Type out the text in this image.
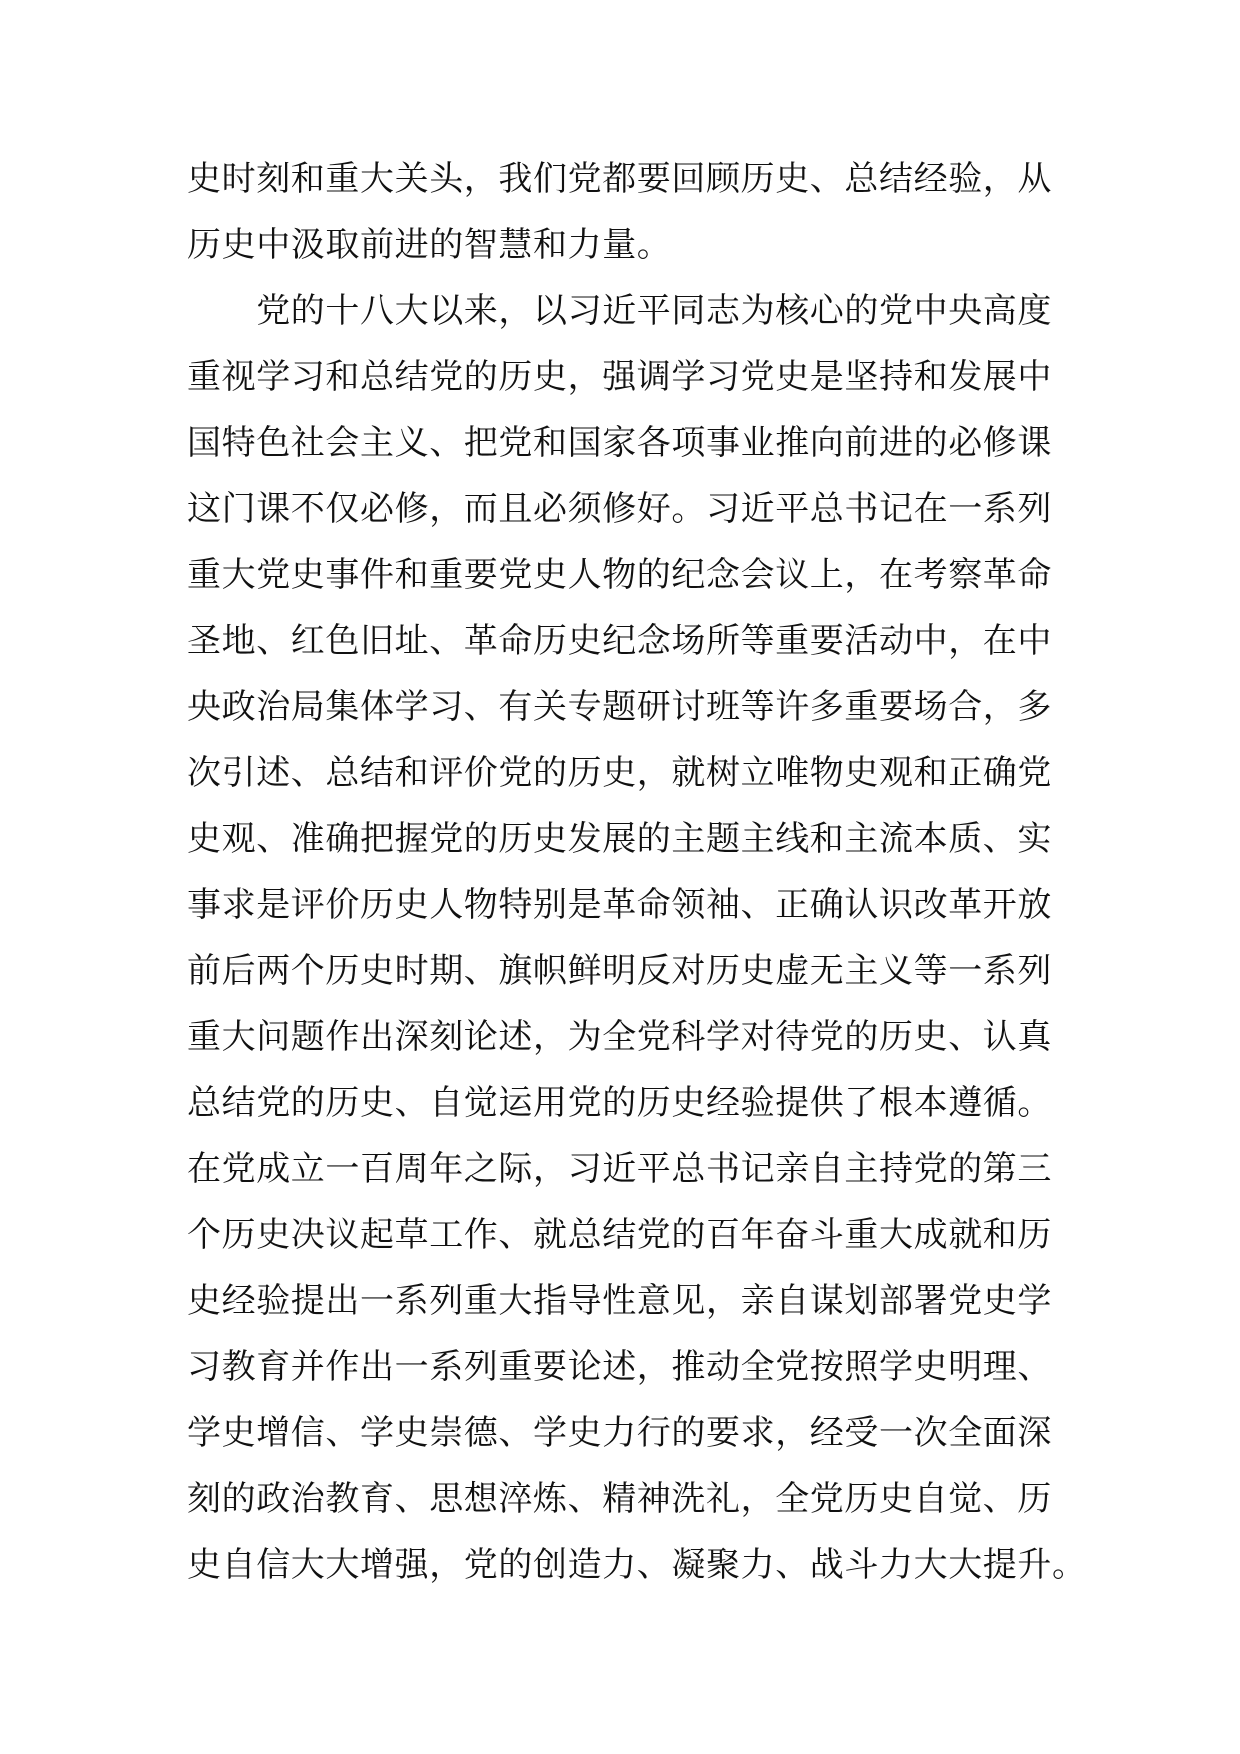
史时刻和重大关头，我们党都要回顾历史、总结经验，从
历史中汲取前进的智慧和力量。
　　党的十八大以来，以习近平同志为核心的党中央高度
重视学习和总结党的历史，强调学习党史是坚持和发展中
国特色社会主义、把党和国家各项事业推向前进的必修课
这门课不仅必修，而且必须修好。习近平总书记在一系列
重大党史事件和重要党史人物的纪念会议上，在考察革命
圣地、红色旧址、革命历史纪念场所等重要活动中，在中
央政治局集体学习、有关专题研讨班等许多重要场合，多
次引述、总结和评价党的历史，就树立唯物史观和正确党
史观、准确把握党的历史发展的主题主线和主流本质、实
事求是评价历史人物特别是革命领袖、正确认识改革开放
前后两个历史时期、旗帜鲜明反对历史虚无主义等一系列
重大问题作出深刻论述，为全党科学对待党的历史、认真
总结党的历史、自觉运用党的历史经验提供了根本遵循。
在党成立一百周年之际，习近平总书记亲自主持党的第三
个历史决议起草工作、就总结党的百年奋斗重大成就和历
史经验提出一系列重大指导性意见，亲自谋划部署党史学
习教育并作出一系列重要论述，推动全党按照学史明理、
学史增信、学史崇德、学史力行的要求，经受一次全面深
刻的政治教育、思想淬炼、精神洗礼，全党历史自觉、历
史自信大大增强，党的创造力、凝聚力、战斗力大大提升。
